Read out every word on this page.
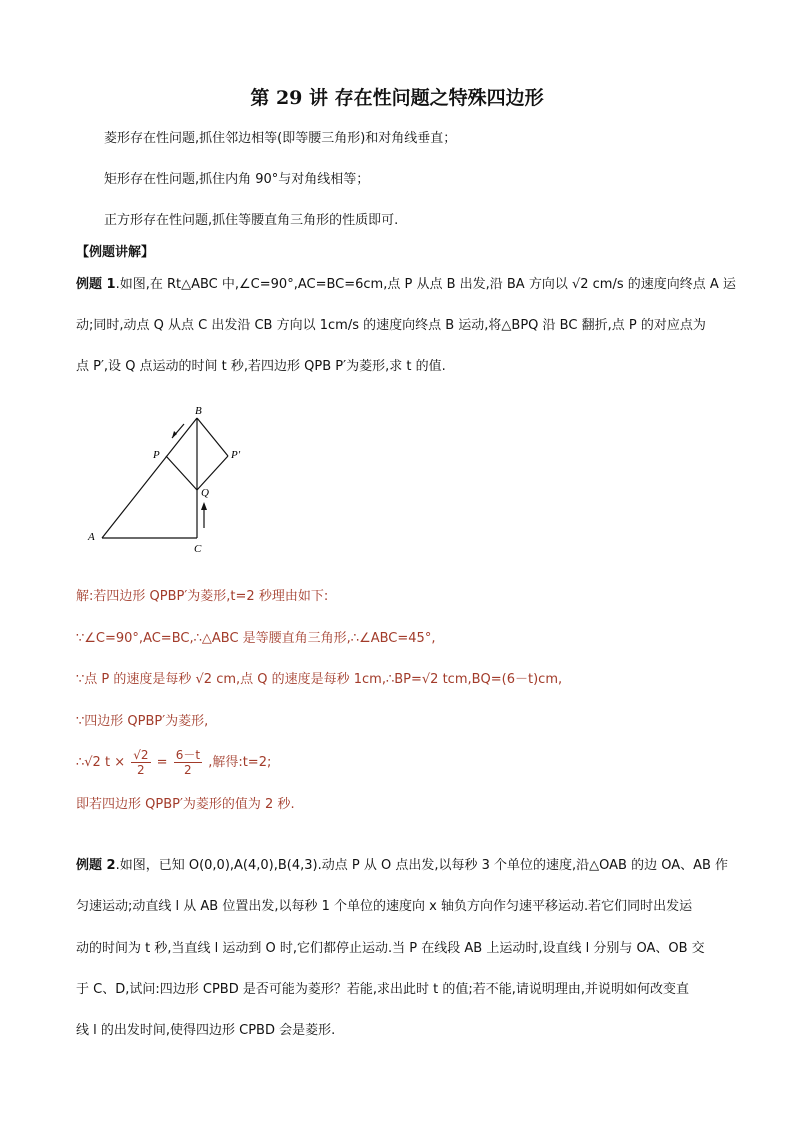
第 29 讲 存在性问题之特殊四边形
菱形存在性问题,抓住邻边相等(即等腰三角形)和对角线垂直；
矩形存在性问题,抓住内角 90°与对角线相等；
正方形存在性问题,抓住等腰直角三角形的性质即可.
【例题讲解】
例题 1.如图,在 Rt△ABC 中,∠C=90°,AC=BC=6cm,点 P 从点 B 出发,沿 BA 方向以 √2 cm/s 的速度向终点 A 运
动;同时,动点 Q 从点 C 出发沿 CB 方向以 1cm/s 的速度向终点 B 运动,将△BPQ 沿 BC 翻折,点 P 的对应点为
点 P′,设 Q 点运动的时间 t 秒,若四边形 QPB P′为菱形,求 t 的值.
A
B
C
P	P′
Q
解:若四边形 QPBP′为菱形,t=2 秒理由如下:
∵∠C=90°,AC=BC,∴△ABC 是等腰直角三角形,∴∠ABC=45°,
∵点 P 的速度是每秒 √2 cm,点 Q 的速度是每秒 1cm,∴BP=√2 tcm,BQ=(6－t)cm,
∵四边形 QPBP′为菱形,
∴√2 $t \times \frac{√2}{2} = \frac{6-t}{2}$ ,解得:t=2;
即若四边形 QPBP′为菱形的值为 2 秒.
例题 2.如图，已知 O(0,0),A(4,0),B(4,3).动点 P 从 O 点出发,以每秒 3 个单位的速度,沿△OAB 的边 OA、AB 作
匀速运动;动直线 l 从 AB 位置出发,以每秒 1 个单位的速度向 x 轴负方向作匀速平移运动.若它们同时出发运
动的时间为 t 秒,当直线 l 运动到 O 时,它们都停止运动.当 P 在线段 AB 上运动时,设直线 l 分别与 OA、OB 交
于 C、D,试问:四边形 CPBD 是否可能为菱形？若能,求出此时 t 的值;若不能,请说明理由,并说明如何改变直
线 l 的出发时间,使得四边形 CPBD 会是菱形.
